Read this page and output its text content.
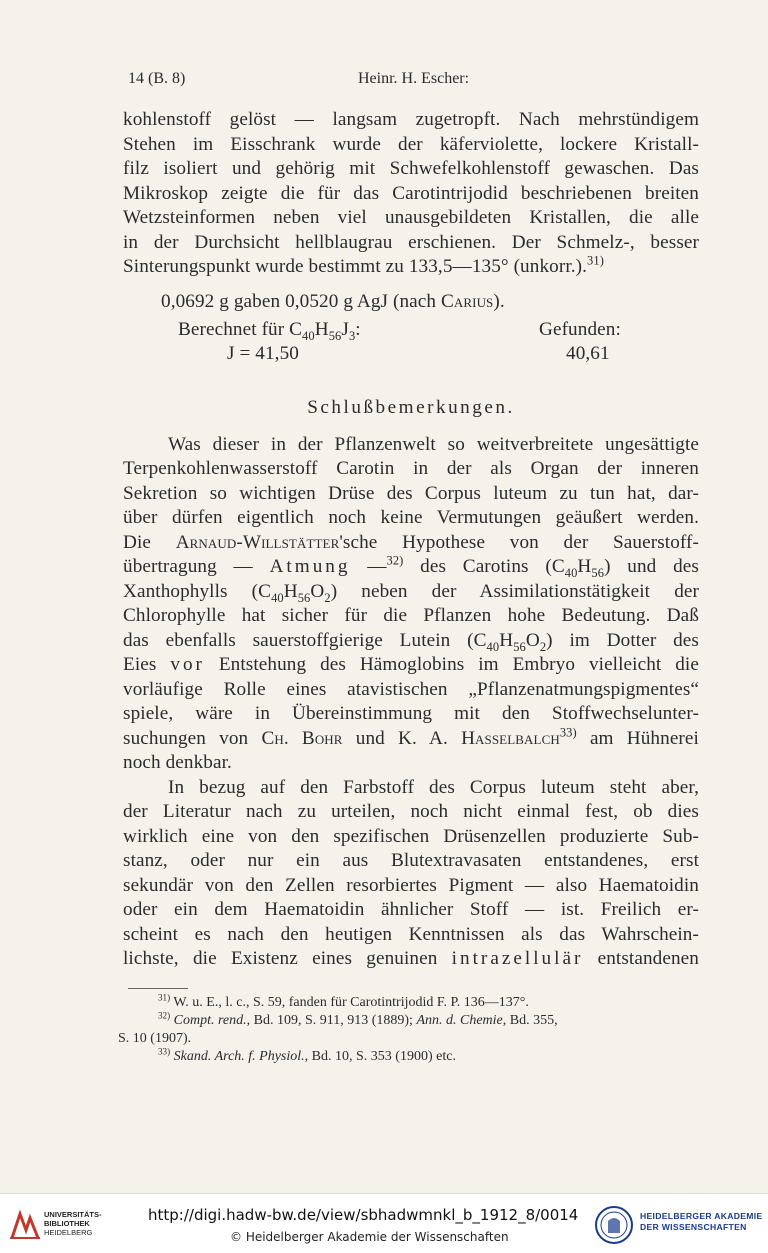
14 (B. 8)	Heinr. H. Escher:

kohlenstoff gelöst — langsam zugetropft. Nach mehrstündigem
Stehen im Eisschrank wurde der käferviolette, lockere Kristall-
filz isoliert und gehörig mit Schwefelkohlenstoff gewaschen. Das
Mikroskop zeigte die für das Carotintrijodid beschriebenen breiten
Wetzsteinformen neben viel unausgebildeten Kristallen, die alle
in der Durchsicht hellblaugrau erschienen. Der Schmelz-, besser
Sinterungspunkt wurde bestimmt zu 133,5—135° (unkorr.).$^{31)}$

0,0692 g gaben 0,0520 g AgJ (nach Carius).
Berechnet für $C_{40}H_{56}J_3$:	Gefunden:
J = 41,50	40,61
Schlußbemerkungen.

Was dieser in der Pflanzenwelt so weitverbreitete ungesättigte
Terpenkohlenwasserstoff Carotin in der als Organ der inneren
Sekretion so wichtigen Drüse des Corpus luteum zu tun hat, dar-
über dürfen eigentlich noch keine Vermutungen geäußert werden.
Die Arnaud-Willstätter'sche Hypothese von der Sauerstoff-
übertragung — Atmung —$^{32)}$ des Carotins $(C_{40}H_{56})$ und des
Xanthophylls $(C_{40}H_{56}O_2)$ neben der Assimilationstätigkeit der
Chlorophylle hat sicher für die Pflanzen hohe Bedeutung. Daß
das ebenfalls sauerstoffgierige Lutein $(C_{40}H_{56}O_2)$ im Dotter des
Eies vor Entstehung des Hämoglobins im Embryo vielleicht die
vorläufige Rolle eines atavistischen „Pflanzenatmungspigmentes“
spiele, wäre in Übereinstimmung mit den Stoffwechselunter-
suchungen von Ch. Bohr und K. A. Hasselbalch$^{33)}$ am Hühnerei
noch denkbar.

In bezug auf den Farbstoff des Corpus luteum steht aber,
der Literatur nach zu urteilen, noch nicht einmal fest, ob dies
wirklich eine von den spezifischen Drüsenzellen produzierte Sub-
stanz, oder nur ein aus Blutextravasaten entstandenes, erst
sekundär von den Zellen resorbiertes Pigment — also Haematoidin
oder ein dem Haematoidin ähnlicher Stoff — ist. Freilich er-
scheint es nach den heutigen Kenntnissen als das Wahrschein-
lichste, die Existenz eines genuinen intrazellulär entstandenen

$^{31)}$ W. u. E., l. c., S. 59, fanden für Carotintrijodid F. P. 136—137°.
$^{32)}$ Compt. rend., Bd. 109, S. 911, 913 (1889); Ann. d. Chemie, Bd. 355,
S. 10 (1907).
$^{33)}$ Skand. Arch. f. Physiol., Bd. 10, S. 353 (1900) etc.
UNIVERSITÄTS-
BIBLIOTHEK
HEIDELBERG
http://digi.hadw-bw.de/view/sbhadwmnkl_b_1912_8/0014
© Heidelberger Akademie der Wissenschaften
HEIDELBERGER AKADEMIE
DER WISSENSCHAFTEN
